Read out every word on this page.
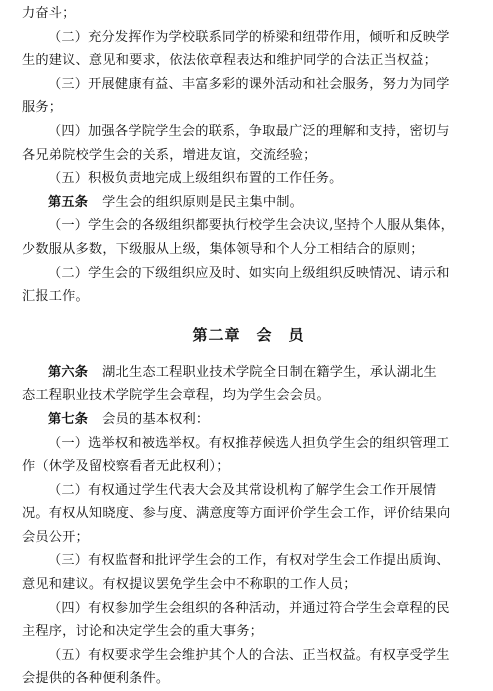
力奋斗；
（二）充分发挥作为学校联系同学的桥梁和纽带作用，倾听和反映学
生的建议、意见和要求，依法依章程表达和维护同学的合法正当权益；
（三）开展健康有益、丰富多彩的课外活动和社会服务，努力为同学
服务；
（四）加强各学院学生会的联系，争取最广泛的理解和支持，密切与
各兄弟院校学生会的关系，增进友谊，交流经验；
（五）积极负责地完成上级组织布置的工作任务。
第五条 学生会的组织原则是民主集中制。
（一）学生会的各级组织都要执行校学生会决议,坚持个人服从集体，
少数服从多数，下级服从上级，集体领导和个人分工相结合的原则；
（二）学生会的下级组织应及时、如实向上级组织反映情况、请示和
汇报工作。
第二章　会　员
第六条 湖北生态工程职业技术学院全日制在籍学生，承认湖北生
态工程职业技术学院学生会章程，均为学生会会员。
第七条 会员的基本权利：
（一）选举权和被选举权。有权推荐候选人担负学生会的组织管理工
作（休学及留校察看者无此权利）；
（二）有权通过学生代表大会及其常设机构了解学生会工作开展情
况。有权从知晓度、参与度、满意度等方面评价学生会工作，评价结果向
会员公开；
（三）有权监督和批评学生会的工作，有权对学生会工作提出质询、
意见和建议。有权提议罢免学生会中不称职的工作人员；
（四）有权参加学生会组织的各种活动，并通过符合学生会章程的民
主程序，讨论和决定学生会的重大事务；
（五）有权要求学生会维护其个人的合法、正当权益。有权享受学生
会提供的各种便利条件。
